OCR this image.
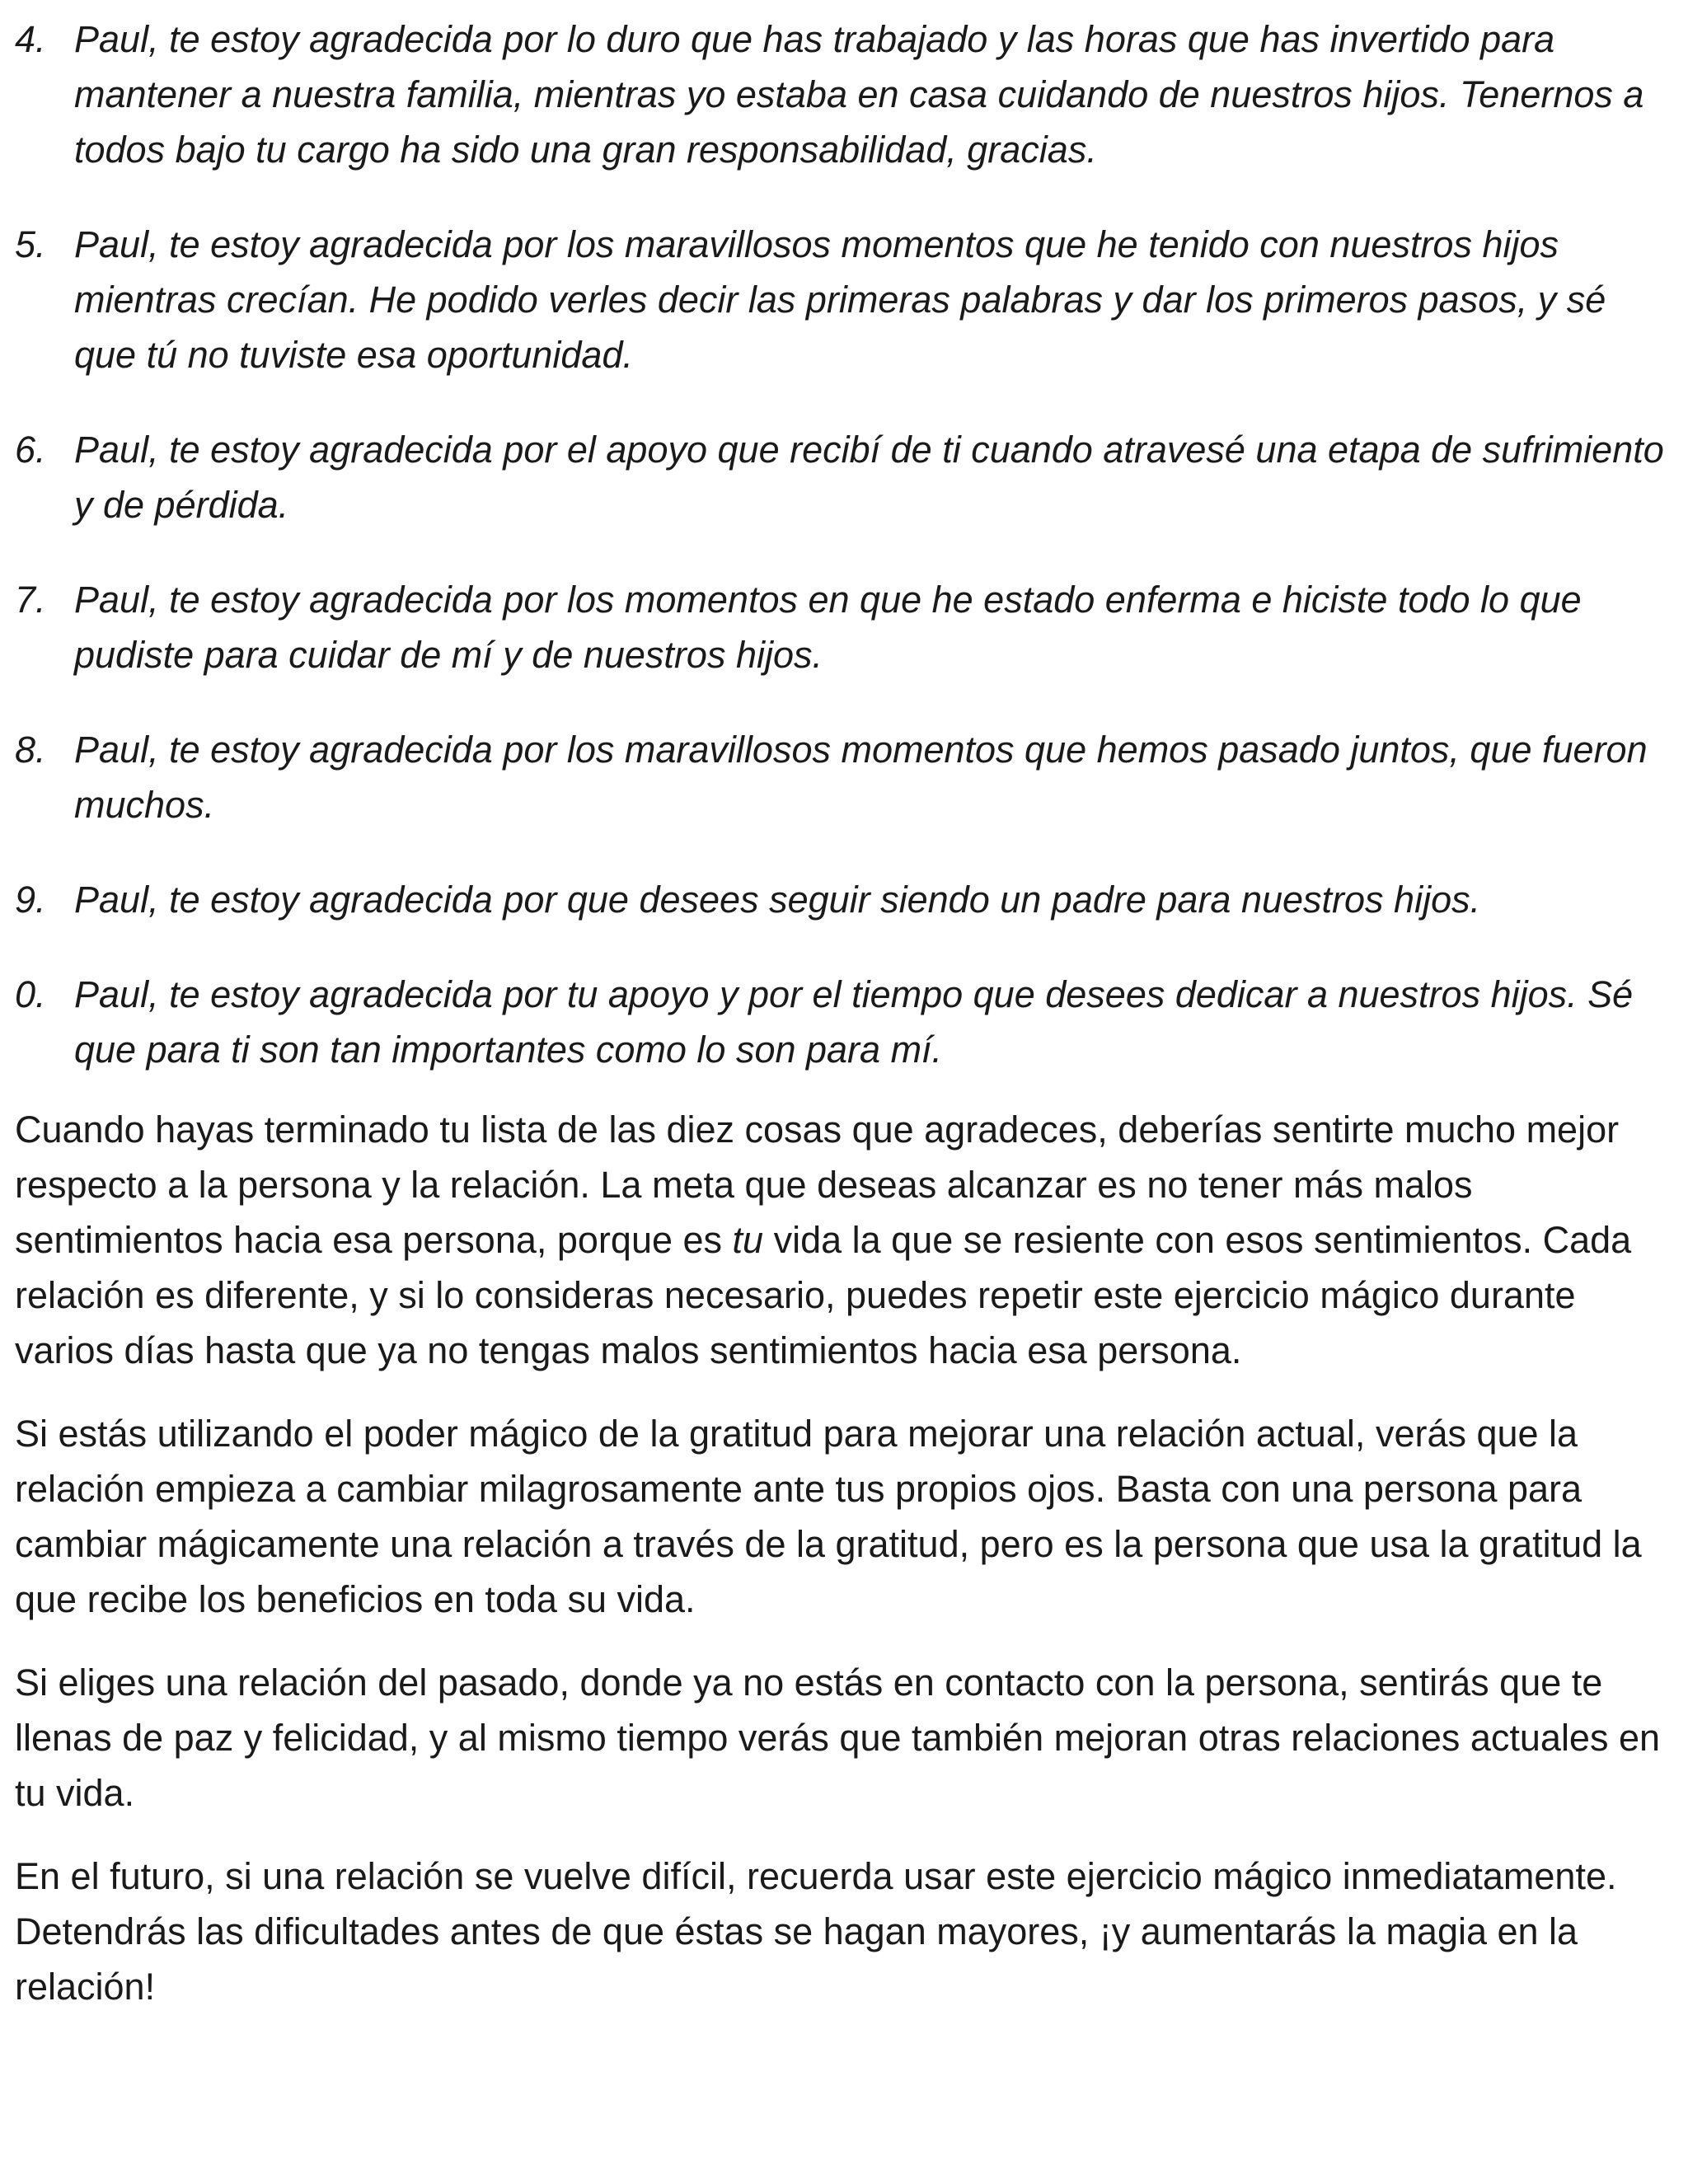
4. Paul, te estoy agradecida por lo duro que has trabajado y las horas que has invertido para mantener a nuestra familia, mientras yo estaba en casa cuidando de nuestros hijos. Tenernos a todos bajo tu cargo ha sido una gran responsabilidad, gracias.
5. Paul, te estoy agradecida por los maravillosos momentos que he tenido con nuestros hijos mientras crecían. He podido verles decir las primeras palabras y dar los primeros pasos, y sé que tú no tuviste esa oportunidad.
6. Paul, te estoy agradecida por el apoyo que recibí de ti cuando atravesé una etapa de sufrimiento y de pérdida.
7. Paul, te estoy agradecida por los momentos en que he estado enferma e hiciste todo lo que pudiste para cuidar de mí y de nuestros hijos.
8. Paul, te estoy agradecida por los maravillosos momentos que hemos pasado juntos, que fueron muchos.
9. Paul, te estoy agradecida por que desees seguir siendo un padre para nuestros hijos.
0. Paul, te estoy agradecida por tu apoyo y por el tiempo que desees dedicar a nuestros hijos. Sé que para ti son tan importantes como lo son para mí.

Cuando hayas terminado tu lista de las diez cosas que agradeces, deberías sentirte mucho mejor respecto a la persona y la relación. La meta que deseas alcanzar es no tener más malos sentimientos hacia esa persona, porque es tu vida la que se resiente con esos sentimientos. Cada relación es diferente, y si lo consideras necesario, puedes repetir este ejercicio mágico durante varios días hasta que ya no tengas malos sentimientos hacia esa persona.

Si estás utilizando el poder mágico de la gratitud para mejorar una relación actual, verás que la relación empieza a cambiar milagrosamente ante tus propios ojos. Basta con una persona para cambiar mágicamente una relación a través de la gratitud, pero es la persona que usa la gratitud la que recibe los beneficios en toda su vida.

Si eliges una relación del pasado, donde ya no estás en contacto con la persona, sentirás que te llenas de paz y felicidad, y al mismo tiempo verás que también mejoran otras relaciones actuales en tu vida.

En el futuro, si una relación se vuelve difícil, recuerda usar este ejercicio mágico inmediatamente. Detendrás las dificultades antes de que éstas se hagan mayores, ¡y aumentarás la magia en la relación!
